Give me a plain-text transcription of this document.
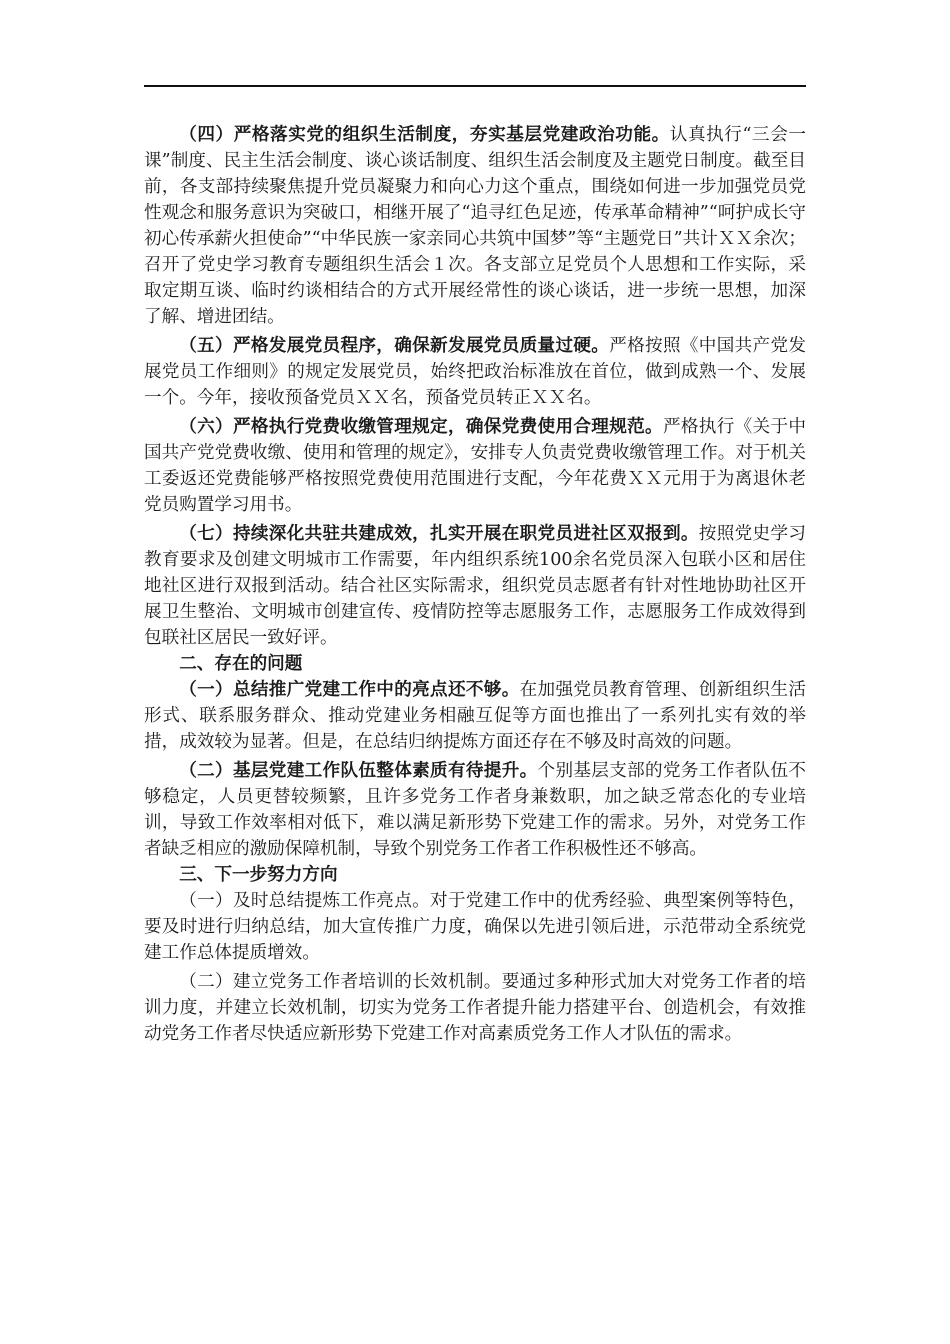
（四）严格落实党的组织生活制度，夯实基层党建政治功能。认真执行“三会一课”制度、民主生活会制度、谈心谈话制度、组织生活会制度及主题党日制度。截至目前，各支部持续聚焦提升党员凝聚力和向心力这个重点，围绕如何进一步加强党员党性观念和服务意识为突破口，相继开展了“追寻红色足迹，传承革命精神”“呵护成长守初心传承薪火担使命”“中华民族一家亲同心共筑中国梦”等“主题党日”共计ＸＸ余次；召开了党史学习教育专题组织生活会１次。各支部立足党员个人思想和工作实际，采取定期互谈、临时约谈相结合的方式开展经常性的谈心谈话，进一步统一思想，加深了解、增进团结。

（五）严格发展党员程序，确保新发展党员质量过硬。严格按照《中国共产党发展党员工作细则》的规定发展党员，始终把政治标准放在首位，做到成熟一个、发展一个。今年，接收预备党员ＸＸ名，预备党员转正ＸＸ名。

（六）严格执行党费收缴管理规定，确保党费使用合理规范。严格执行《关于中国共产党党费收缴、使用和管理的规定》，安排专人负责党费收缴管理工作。对于机关工委返还党费能够严格按照党费使用范围进行支配，今年花费ＸＸ元用于为离退休老党员购置学习用书。

（七）持续深化共驻共建成效，扎实开展在职党员进社区双报到。按照党史学习教育要求及创建文明城市工作需要，年内组织系统100余名党员深入包联小区和居住地社区进行双报到活动。结合社区实际需求，组织党员志愿者有针对性地协助社区开展卫生整治、文明城市创建宣传、疫情防控等志愿服务工作，志愿服务工作成效得到包联社区居民一致好评。

二、存在的问题

（一）总结推广党建工作中的亮点还不够。在加强党员教育管理、创新组织生活形式、联系服务群众、推动党建业务相融互促等方面也推出了一系列扎实有效的举措，成效较为显著。但是，在总结归纳提炼方面还存在不够及时高效的问题。

（二）基层党建工作队伍整体素质有待提升。个别基层支部的党务工作者队伍不够稳定，人员更替较频繁，且许多党务工作者身兼数职，加之缺乏常态化的专业培训，导致工作效率相对低下，难以满足新形势下党建工作的需求。另外，对党务工作者缺乏相应的激励保障机制，导致个别党务工作者工作积极性还不够高。

三、下一步努力方向

（一）及时总结提炼工作亮点。对于党建工作中的优秀经验、典型案例等特色，要及时进行归纳总结，加大宣传推广力度，确保以先进引领后进，示范带动全系统党建工作总体提质增效。

（二）建立党务工作者培训的长效机制。要通过多种形式加大对党务工作者的培训力度，并建立长效机制，切实为党务工作者提升能力搭建平台、创造机会，有效推动党务工作者尽快适应新形势下党建工作对高素质党务工作人才队伍的需求。
